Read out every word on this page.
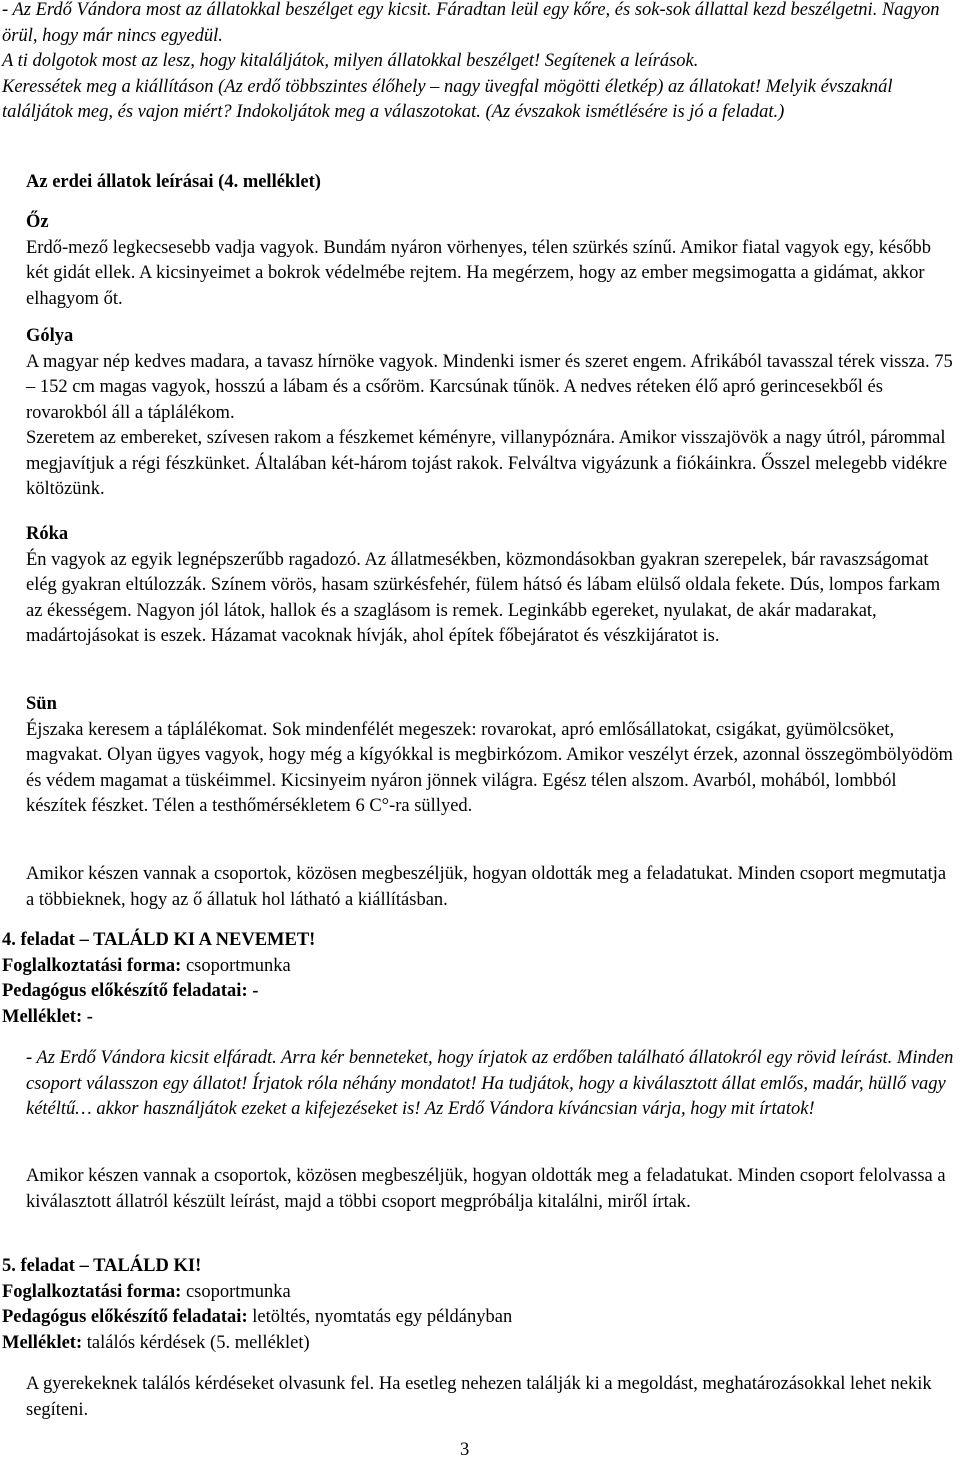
- Az Erdő Vándora most az állatokkal beszélget egy kicsit. Fáradtan leül egy kőre, és sok-sok állattal kezd beszélgetni. Nagyon örül, hogy már nincs egyedül.

A ti dolgotok most az lesz, hogy kitaláljátok, milyen állatokkal beszélget! Segítenek a leírások.

Keressétek meg a kiállításon (Az erdő többszintes élőhely – nagy üvegfal mögötti életkép) az állatokat! Melyik évszaknál találjátok meg, és vajon miért? Indokoljátok meg a válaszotokat. (Az évszakok ismétlésére is jó a feladat.)

Az erdei állatok leírásai (4. melléklet)

Őz

Erdő-mező legkecsesebb vadja vagyok. Bundám nyáron vörhenyes, télen szürkés színű. Amikor fiatal vagyok egy, később két gidát ellek. A kicsinyeimet a bokrok védelmébe rejtem. Ha megérzem, hogy az ember megsimogatta a gidámat, akkor elhagyom őt.

Gólya

A magyar nép kedves madara, a tavasz hírnöke vagyok. Mindenki ismer és szeret engem. Afrikából tavasszal térek vissza. 75 – 152 cm magas vagyok, hosszú a lábam és a csőröm. Karcsúnak tűnök. A nedves réteken élő apró gerincesekből és rovarokból áll a táplálékom.

Szeretem az embereket, szívesen rakom a fészkemet kéményre, villanypóznára. Amikor visszajövök a nagy útról, párommal megjavítjuk a régi fészkünket. Általában két-három tojást rakok. Felváltva vigyázunk a fiókáinkra. Ősszel melegebb vidékre költözünk.

Róka

Én vagyok az egyik legnépszerűbb ragadozó. Az állatmesékben, közmondásokban gyakran szerepelek, bár ravaszságomat elég gyakran eltúlozzák. Színem vörös, hasam szürkésfehér, fülem hátsó és lábam elülső oldala fekete. Dús, lompos farkam az ékességem. Nagyon jól látok, hallok és a szaglásom is remek. Leginkább egereket, nyulakat, de akár madarakat, madártojásokat is eszek. Házamat vacoknak hívják, ahol építek főbejáratot és vészkijáratot is.

Sün

Éjszaka keresem a táplálékomat. Sok mindenfélét megeszek: rovarokat, apró emlősállatokat, csigákat, gyümölcsöket, magvakat. Olyan ügyes vagyok, hogy még a kígyókkal is megbirkózom. Amikor veszélyt érzek, azonnal összegömbölyödöm és védem magamat a tüskéimmel. Kicsinyeim nyáron jönnek világra. Egész télen alszom. Avarból, mohából, lombból készítek fészket. Télen a testhőmérsékletem 6 C°-ra süllyed.

Amikor készen vannak a csoportok, közösen megbeszéljük, hogyan oldották meg a feladatukat. Minden csoport megmutatja a többieknek, hogy az ő állatuk hol látható a kiállításban.

4. feladat – TALÁLD KI A NEVEMET!

Foglalkoztatási forma: csoportmunka

Pedagógus előkészítő feladatai: -

Melléklet: -

- Az Erdő Vándora kicsit elfáradt. Arra kér benneteket, hogy írjatok az erdőben található állatokról egy rövid leírást. Minden csoport válasszon egy állatot! Írjatok róla néhány mondatot! Ha tudjátok, hogy a kiválasztott állat emlős, madár, hüllő vagy kétéltű… akkor használjátok ezeket a kifejezéseket is! Az Erdő Vándora kíváncsian várja, hogy mit írtatok!

Amikor készen vannak a csoportok, közösen megbeszéljük, hogyan oldották meg a feladatukat. Minden csoport felolvassa a kiválasztott állatról készült leírást, majd a többi csoport megpróbálja kitalálni, miről írtak.

5. feladat – TALÁLD KI!

Foglalkoztatási forma: csoportmunka

Pedagógus előkészítő feladatai: letöltés, nyomtatás egy példányban

Melléklet: találós kérdések (5. melléklet)

A gyerekeknek találós kérdéseket olvasunk fel. Ha esetleg nehezen találják ki a megoldást, meghatározásokkal lehet nekik segíteni.

3
